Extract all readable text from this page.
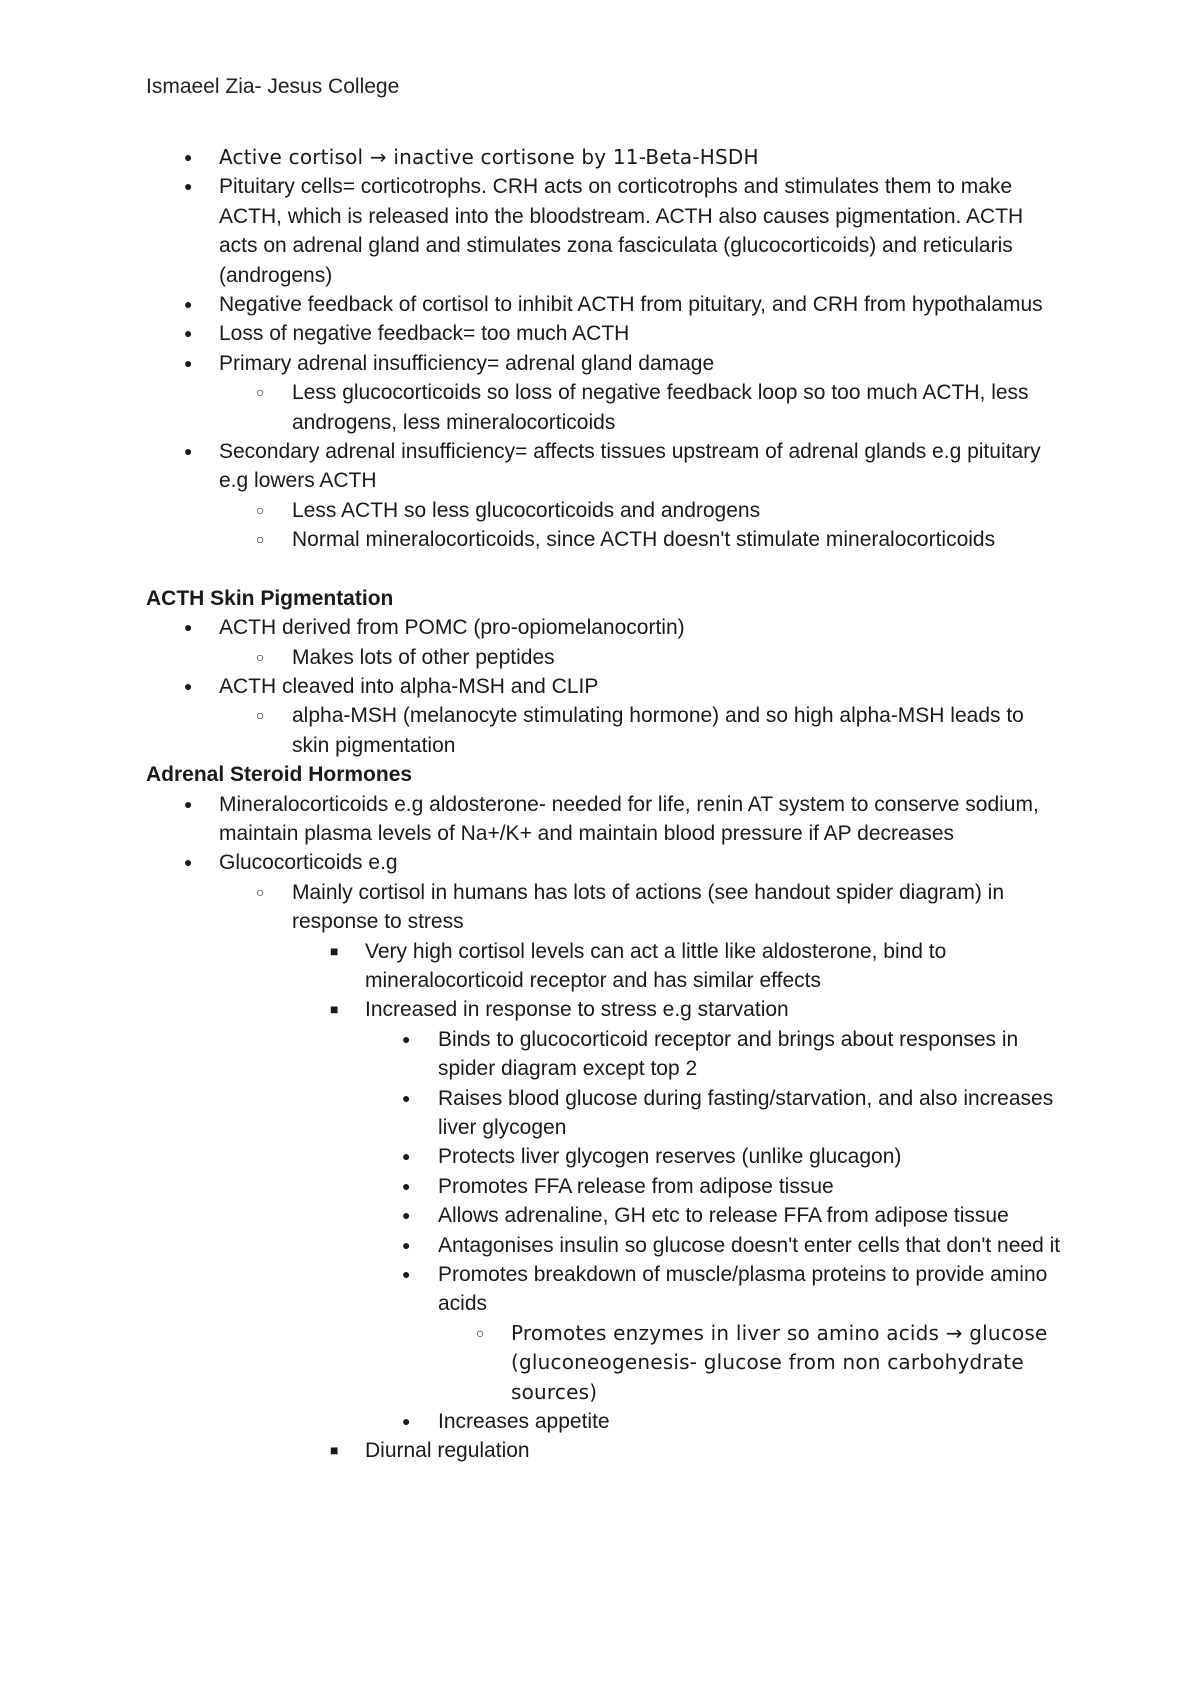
Ismaeel Zia- Jesus College
● Active cortisol → inactive cortisone by 11-Beta-HSDH
● Pituitary cells= corticotrophs. CRH acts on corticotrophs and stimulates them to make ACTH, which is released into the bloodstream. ACTH also causes pigmentation. ACTH acts on adrenal gland and stimulates zona fasciculata (glucocorticoids) and reticularis (androgens)
● Negative feedback of cortisol to inhibit ACTH from pituitary, and CRH from hypothalamus
● Loss of negative feedback= too much ACTH
● Primary adrenal insufficiency= adrenal gland damage
○ Less glucocorticoids so loss of negative feedback loop so too much ACTH, less androgens, less mineralocorticoids
● Secondary adrenal insufficiency= affects tissues upstream of adrenal glands e.g pituitary e.g lowers ACTH
○ Less ACTH so less glucocorticoids and androgens
○ Normal mineralocorticoids, since ACTH doesn't stimulate mineralocorticoids
ACTH Skin Pigmentation
● ACTH derived from POMC (pro-opiomelanocortin)
○ Makes lots of other peptides
● ACTH cleaved into alpha-MSH and CLIP
○ alpha-MSH (melanocyte stimulating hormone) and so high alpha-MSH leads to skin pigmentation
Adrenal Steroid Hormones
● Mineralocorticoids e.g aldosterone- needed for life, renin AT system to conserve sodium, maintain plasma levels of Na+/K+ and maintain blood pressure if AP decreases
● Glucocorticoids e.g
○ Mainly cortisol in humans has lots of actions (see handout spider diagram) in response to stress
■ Very high cortisol levels can act a little like aldosterone, bind to mineralocorticoid receptor and has similar effects
■ Increased in response to stress e.g starvation
● Binds to glucocorticoid receptor and brings about responses in spider diagram except top 2
● Raises blood glucose during fasting/starvation, and also increases liver glycogen
● Protects liver glycogen reserves (unlike glucagon)
● Promotes FFA release from adipose tissue
● Allows adrenaline, GH etc to release FFA from adipose tissue
● Antagonises insulin so glucose doesn't enter cells that don't need it
● Promotes breakdown of muscle/plasma proteins to provide amino acids
○ Promotes enzymes in liver so amino acids → glucose (gluconeogenesis- glucose from non carbohydrate sources)
● Increases appetite
■ Diurnal regulation
